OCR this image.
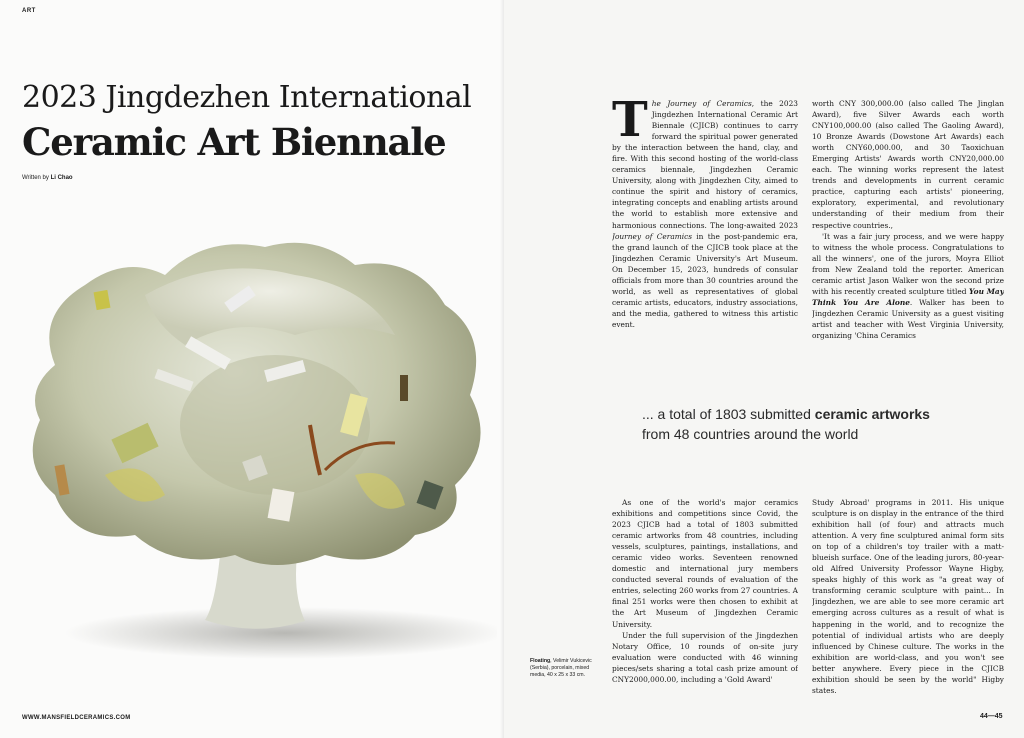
ART
2023 Jingdezhen International
Ceramic Art Biennale
Written by Li Chao
WWW.MANSFIELDCERAMICS.COM

The Journey of Ceramics, the 2023 Jingdezhen International Ceramic Art Biennale (CJICB) continues to carry forward the spiritual power generated by the interaction between the hand, clay, and fire. With this second hosting of the world-class ceramics biennale, Jingdezhen Ceramic University, along with Jingdezhen City, aimed to continue the spirit and history of ceramics, integrating concepts and enabling artists around the world to establish more extensive and harmonious connections. The long-awaited 2023 Journey of Ceramics in the post-pandemic era, the grand launch of the CJICB took place at the Jingdezhen Ceramic University's Art Museum. On December 15, 2023, hundreds of consular officials from more than 30 countries around the world, as well as representatives of global ceramic artists, educators, industry associations, and the media, gathered to witness this artistic event.

worth CNY 300,000.00 (also called The Jinglan Award), five Silver Awards each worth CNY100,000.00 (also called The Gaoling Award), 10 Bronze Awards (Dowstone Art Awards) each worth CNY60,000.00, and 30 Taoxichuan Emerging Artists' Awards worth CNY20,000.00 each. The winning works represent the latest trends and developments in current ceramic practice, capturing each artists' pioneering, exploratory, experimental, and revolutionary understanding of their medium from their respective countries.,

'It was a fair jury process, and we were happy to witness the whole process. Congratulations to all the winners', one of the jurors, Moyra Elliot from New Zealand told the reporter. American ceramic artist Jason Walker won the second prize with his recently created sculpture titled You May Think You Are Alone. Walker has been to Jingdezhen Ceramic University as a guest visiting artist and teacher with West Virginia University, organizing 'China Ceramics

... a total of 1803 submitted ceramic artworks
from 48 countries around the world

As one of the world's major ceramics exhibitions and competitions since Covid, the 2023 CJICB had a total of 1803 submitted ceramic artworks from 48 countries, including vessels, sculptures, paintings, installations, and ceramic video works. Seventeen renowned domestic and international jury members conducted several rounds of evaluation of the entries, selecting 260 works from 27 countries. A final 251 works were then chosen to exhibit at the Art Museum of Jingdezhen Ceramic University.

Under the full supervision of the Jingdezhen Notary Office, 10 rounds of on-site jury evaluation were conducted with 46 winning pieces/sets sharing a total cash prize amount of CNY2000,000.00, including a 'Gold Award'

Study Abroad' programs in 2011. His unique sculpture is on display in the entrance of the third exhibition hall (of four) and attracts much attention. A very fine sculptured animal form sits on top of a children's toy trailer with a matt-blueish surface. One of the leading jurors, 80-year-old Alfred University Professor Wayne Higby, speaks highly of this work as "a great way of transforming ceramic sculpture with paint... In Jingdezhen, we are able to see more ceramic art emerging across cultures as a result of what is happening in the world, and to recognize the potential of individual artists who are deeply influenced by Chinese culture. The works in the exhibition are world-class, and you won't see better anywhere. Every piece in the CJICB exhibition should be seen by the world" Higby states.

Floating, Velimir Vukicevic (Serbia), porcelain, mixed media, 40 x 25 x 33 cm.
44—45
